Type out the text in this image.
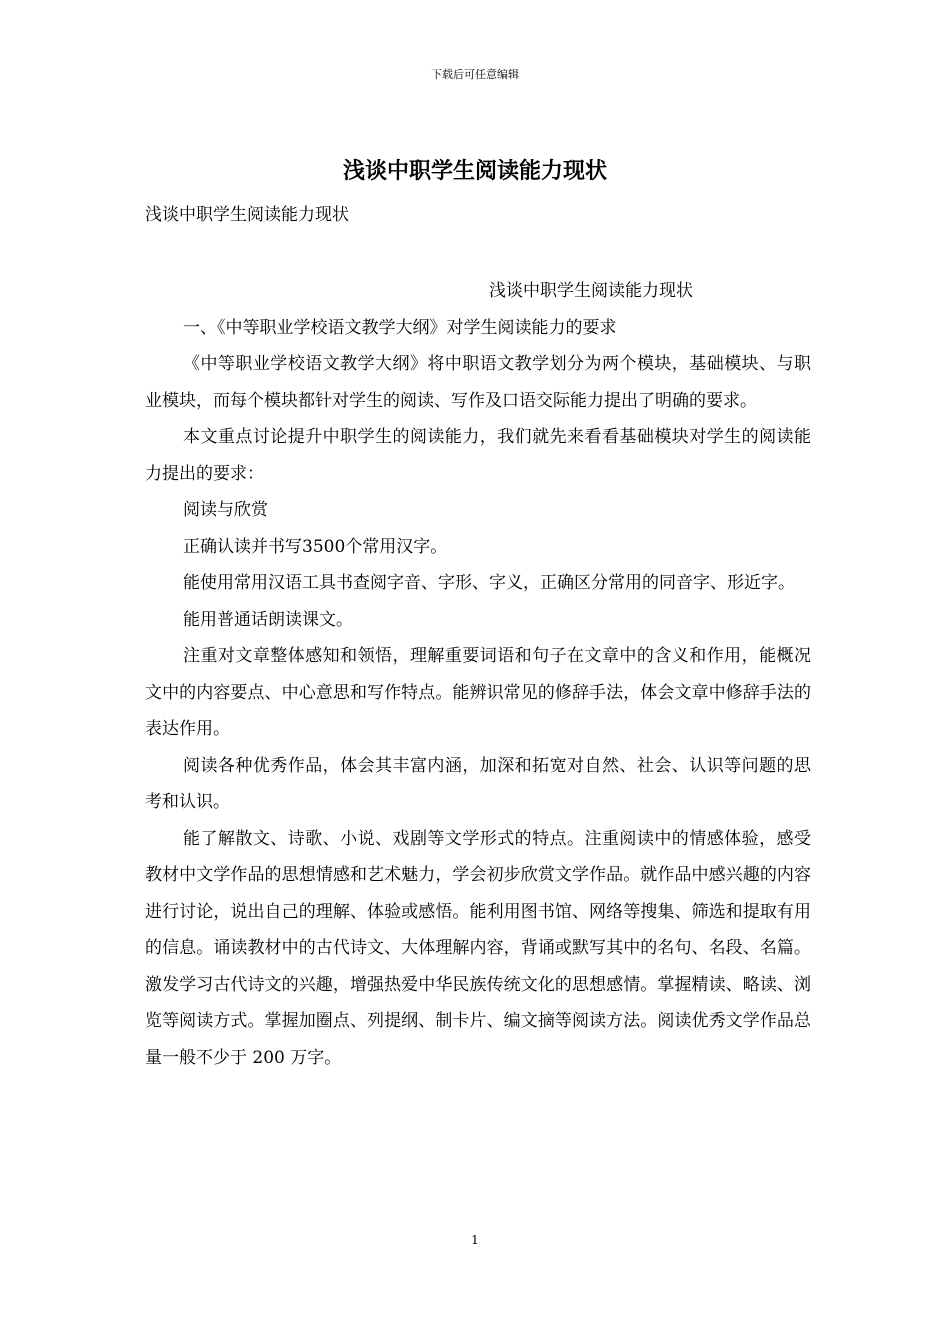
下载后可任意编辑
浅谈中职学生阅读能力现状
浅谈中职学生阅读能力现状

浅谈中职学生阅读能力现状

一、《中等职业学校语文教学大纲》对学生阅读能力的要求

《中等职业学校语文教学大纲》将中职语文教学划分为两个模块，基础模块、与职业模块，而每个模块都针对学生的阅读、写作及口语交际能力提出了明确的要求。

本文重点讨论提升中职学生的阅读能力，我们就先来看看基础模块对学生的阅读能力提出的要求：

阅读与欣赏

正确认读并书写3500个常用汉字。

能使用常用汉语工具书查阅字音、字形、字义，正确区分常用的同音字、形近字。

能用普通话朗读课文。

注重对文章整体感知和领悟，理解重要词语和句子在文章中的含义和作用，能概况文中的内容要点、中心意思和写作特点。能辨识常见的修辞手法，体会文章中修辞手法的表达作用。

阅读各种优秀作品，体会其丰富内涵，加深和拓宽对自然、社会、认识等问题的思考和认识。

能了解散文、诗歌、小说、戏剧等文学形式的特点。注重阅读中的情感体验，感受教材中文学作品的思想情感和艺术魅力，学会初步欣赏文学作品。就作品中感兴趣的内容进行讨论，说出自己的理解、体验或感悟。能利用图书馆、网络等搜集、筛选和提取有用的信息。诵读教材中的古代诗文、大体理解内容，背诵或默写其中的名句、名段、名篇。激发学习古代诗文的兴趣，增强热爱中华民族传统文化的思想感情。掌握精读、略读、浏览等阅读方式。掌握加圈点、列提纲、制卡片、编文摘等阅读方法。阅读优秀文学作品总量一般不少于 200 万字。

1
